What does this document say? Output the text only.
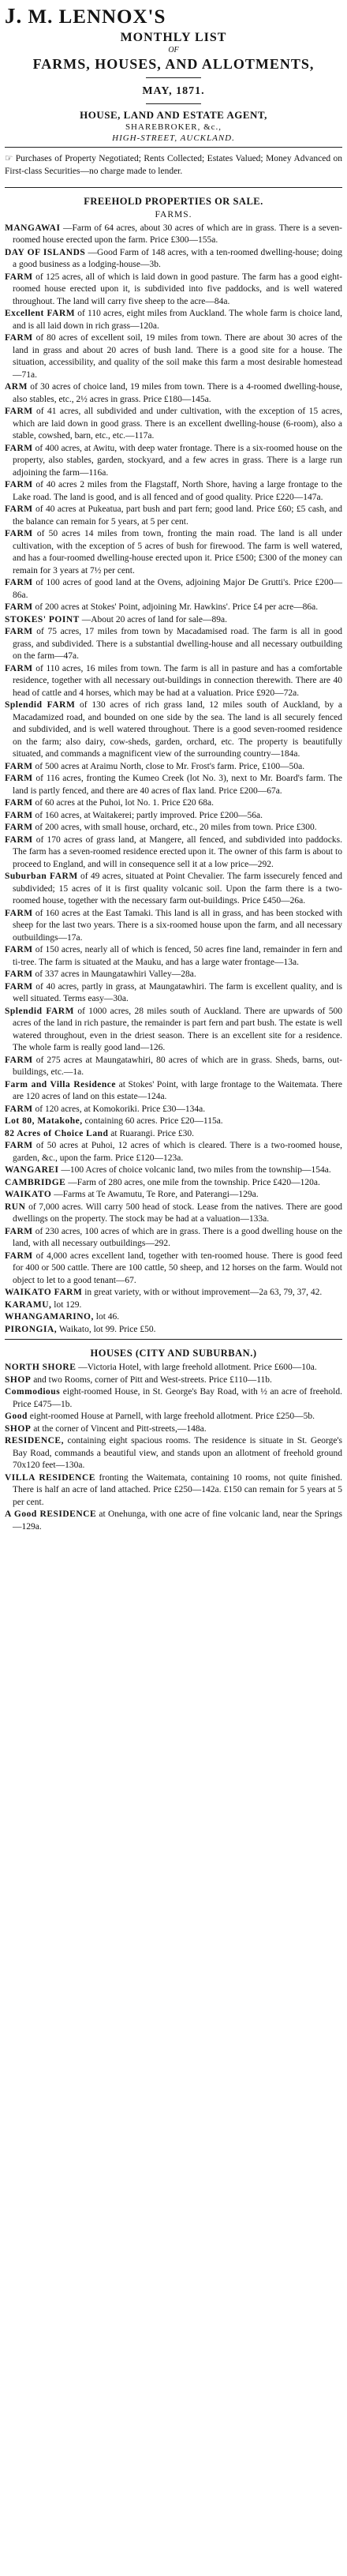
J. M. LENNOX'S
MONTHLY LIST
OF
FARMS, HOUSES, AND ALLOTMENTS,
MAY, 1871.
HOUSE, LAND AND ESTATE AGENT,
SHAREBROKER, &c.,
HIGH-STREET, AUCKLAND.

☞ Purchases of Property Negotiated; Rents Collected; Estates Valued; Money Advanced on First-class Securities—no charge made to lender.

FREEHOLD PROPERTIES OR SALE.
FARMS.

MANGAWAI —Farm of 64 acres, about 30 acres of which are in grass. There is a seven-roomed house erected upon the farm. Price £300—155a.

DAY OF ISLANDS —Good Farm of 148 acres, with a ten-roomed dwelling-house; doing a good business as a lodging-house—3b.

FARM of 125 acres, all of which is laid down in good pasture. The farm has a good eight-roomed house erected upon it, is subdivided into five paddocks, and is well watered throughout. The land will carry five sheep to the acre—84a.

Excellent FARM of 110 acres, eight miles from Auckland. The whole farm is choice land, and is all laid down in rich grass—120a.

FARM of 80 acres of excellent soil, 19 miles from town. There are about 30 acres of the land in grass and about 20 acres of bush land. There is a good site for a house. The situation, accessibility, and quality of the soil make this farm a most desirable homestead—71a.

ARM of 30 acres of choice land, 19 miles from town. There is a 4-roomed dwelling-house, also stables, etc., 2½ acres in grass. Price £180—145a.

FARM of 41 acres, all subdivided and under cultivation, with the exception of 15 acres, which are laid down in good grass. There is an excellent dwelling-house (6-room), also a stable, cowshed, barn, etc., etc.—117a.

FARM of 400 acres, at Awitu, with deep water frontage. There is a six-roomed house on the property, also stables, garden, stockyard, and a few acres in grass. There is a large run adjoining the farm—116a.

FARM of 40 acres 2 miles from the Flagstaff, North Shore, having a large frontage to the Lake road. The land is good, and is all fenced and of good quality. Price £220—147a.

FARM of 40 acres at Pukeatua, part bush and part fern; good land. Price £60; £5 cash, and the balance can remain for 5 years, at 5 per cent.

FARM of 50 acres 14 miles from town, fronting the main road. The land is all under cultivation, with the exception of 5 acres of bush for firewood. The farm is well watered, and has a four-roomed dwelling-house erected upon it. Price £500; £300 of the money can remain for 3 years at 7½ per cent.

FARM of 100 acres of good land at the Ovens, adjoining Major De Grutti's. Price £200—86a.

FARM of 200 acres at Stokes' Point, adjoining Mr. Hawkins'. Price £4 per acre—86a.

STOKES' POINT —About 20 acres of land for sale—89a.

FARM of 75 acres, 17 miles from town by Macadamised road. The farm is all in good grass, and subdivided. There is a substantial dwelling-house and all necessary outbuilding on the farm—47a.

FARM of 110 acres, 16 miles from town. The farm is all in pasture and has a comfortable residence, together with all necessary out-buildings in connection therewith. There are 40 head of cattle and 4 horses, which may be had at a valuation. Price £920—72a.

Splendid FARM of 130 acres of rich grass land, 12 miles south of Auckland, by a Macadamized road, and bounded on one side by the sea. The land is all securely fenced and subdivided, and is well watered throughout. There is a good seven-roomed residence on the farm; also dairy, cow-sheds, garden, orchard, etc. The property is beautifully situated, and commands a magnificent view of the surrounding country—184a.

FARM of 500 acres at Araimu North, close to Mr. Frost's farm. Price, £100—50a.

FARM of 116 acres, fronting the Kumeo Creek (lot No. 3), next to Mr. Board's farm. The land is partly fenced, and there are 40 acres of flax land. Price £200—67a.

FARM of 60 acres at the Puhoi, lot No. 1. Price £20 68a.

FARM of 160 acres, at Waitakerei; partly improved. Price £200—56a.

FARM of 200 acres, with small house, orchard, etc., 20 miles from town. Price £300.

FARM of 170 acres of grass land, at Mangere, all fenced, and subdivided into paddocks. The farm has a seven-roomed residence erected upon it. The owner of this farm is about to proceed to England, and will in consequence sell it at a low price—292.

Suburban FARM of 49 acres, situated at Point Chevalier. The farm issecurely fenced and subdivided; 15 acres of it is first quality volcanic soil. Upon the farm there is a two-roomed house, together with the necessary farm out-buildings. Price £450—26a.

FARM of 160 acres at the East Tamaki. This land is all in grass, and has been stocked with sheep for the last two years. There is a six-roomed house upon the farm, and all necessary outbuildings—17a.

FARM of 150 acres, nearly all of which is fenced, 50 acres fine land, remainder in fern and ti-tree. The farm is situated at the Mauku, and has a large water frontage—13a.

FARM of 337 acres in Maungatawhiri Valley—28a.

FARM of 40 acres, partly in grass, at Maungatawhiri. The farm is excellent quality, and is well situated. Terms easy—30a.

Splendid FARM of 1000 acres, 28 miles south of Auckland. There are upwards of 500 acres of the land in rich pasture, the remainder is part fern and part bush. The estate is well watered throughout, even in the driest season. There is an excellent site for a residence. The whole farm is really good land—126.

FARM of 275 acres at Maungatawhiri, 80 acres of which are in grass. Sheds, barns, out-buildings, etc.—1a.

Farm and Villa Residence at Stokes' Point, with large frontage to the Waitemata. There are 120 acres of land on this estate—124a.

FARM of 120 acres, at Komokoriki. Price £30—134a.

Lot 80, Matakohe, containing 60 acres. Price £20—115a.

82 Acres of Choice Land at Ruarangi. Price £30.

FARM of 50 acres at Puhoi, 12 acres of which is cleared. There is a two-roomed house, garden, &c., upon the farm. Price £120—123a.

WANGAREI —100 Acres of choice volcanic land, two miles from the township—154a.

CAMBRIDGE —Farm of 280 acres, one mile from the township. Price £420—120a.

WAIKATO —Farms at Te Awamutu, Te Rore, and Paterangi—129a.

RUN of 7,000 acres. Will carry 500 head of stock. Lease from the natives. There are good dwellings on the property. The stock may be had at a valuation—133a.

FARM of 230 acres, 100 acres of which are in grass. There is a good dwelling house on the land, with all necessary outbuildings—292.

FARM of 4,000 acres excellent land, together with ten-roomed house. There is good feed for 400 or 500 cattle. There are 100 cattle, 50 sheep, and 12 horses on the farm. Would not object to let to a good tenant—67.

WAIKATO FARM in great variety, with or without improvement—2a 63, 79, 37, 42.

KARAMU, lot 129.

WHANGAMARINO, lot 46.

PIRONGIA, Waikato, lot 99. Price £50.

HOUSES (CITY AND SUBURBAN.)

NORTH SHORE —Victoria Hotel, with large freehold allotment. Price £600—10a.

SHOP and two Rooms, corner of Pitt and West-streets. Price £110—11b.

Commodious eight-roomed House, in St. George's Bay Road, with ½ an acre of freehold. Price £475—1b.

Good eight-roomed House at Parnell, with large freehold allotment. Price £250—5b.

SHOP at the corner of Vincent and Pitt-streets,—148a.

RESIDENCE, containing eight spacious rooms. The residence is situate in St. George's Bay Road, commands a beautiful view, and stands upon an allotment of freehold ground 70x120 feet—130a.

VILLA RESIDENCE fronting the Waitemata, containing 10 rooms, not quite finished. There is half an acre of land attached. Price £250—142a. £150 can remain for 5 years at 5 per cent.

A Good RESIDENCE at Onehunga, with one acre of fine volcanic land, near the Springs—129a.
